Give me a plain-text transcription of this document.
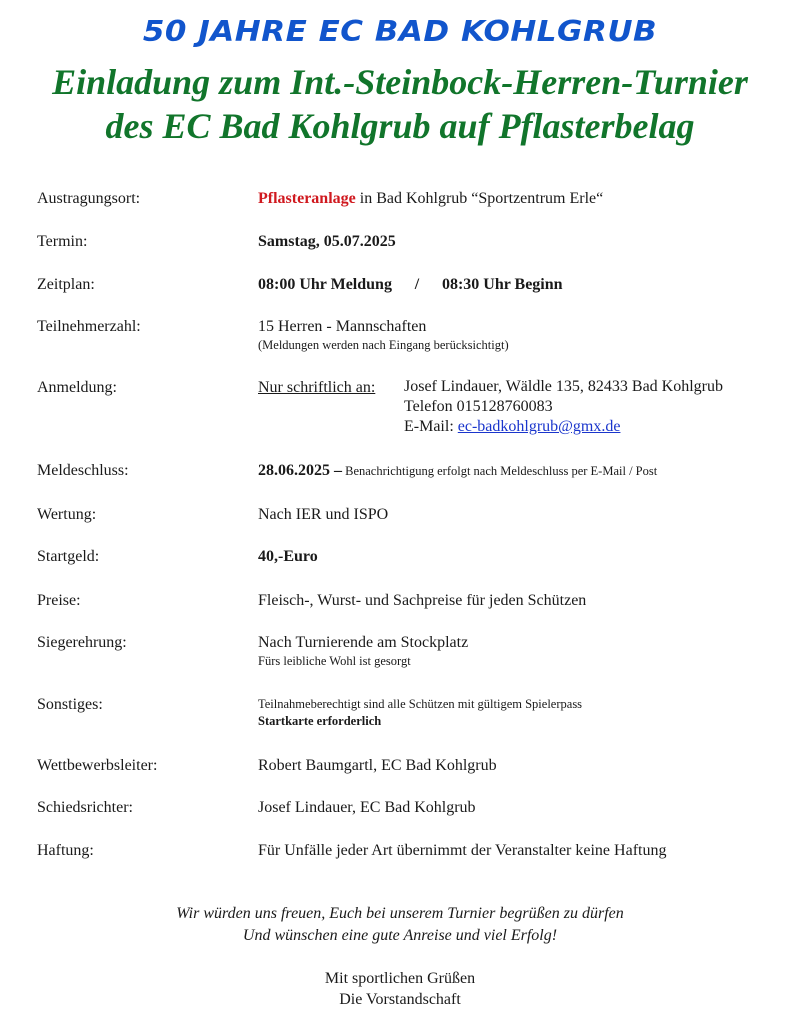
50 JAHRE EC BAD KOHLGRUB
Einladung zum Int.-Steinbock-Herren-Turnier
des EC Bad Kohlgrub auf Pflasterbelag
Austragungsort:	Pflasteranlage in Bad Kohlgrub “Sportzentrum Erle“
Termin:	Samstag, 05.07.2025
Zeitplan:	08:00 Uhr Meldung / 08:30 Uhr Beginn
Teilnehmerzahl:	15 Herren - Mannschaften
(Meldungen werden nach Eingang berücksichtigt)
Anmeldung:	Nur schriftlich an: Josef Lindauer, Wäldle 135, 82433 Bad Kohlgrub
Telefon 015128760083
E-Mail: ec-badkohlgrub@gmx.de
Meldeschluss:	28.06.2025 – Benachrichtigung erfolgt nach Meldeschluss per E-Mail / Post
Wertung:	Nach IER und ISPO
Startgeld:	40,-Euro
Preise:	Fleisch-, Wurst- und Sachpreise für jeden Schützen
Siegerehrung:	Nach Turnierende am Stockplatz
Fürs leibliche Wohl ist gesorgt
Sonstiges:	Teilnahmeberechtigt sind alle Schützen mit gültigem Spielerpass
Startkarte erforderlich
Wettbewerbsleiter:	Robert Baumgartl, EC Bad Kohlgrub
Schiedsrichter:	Josef Lindauer, EC Bad Kohlgrub
Haftung:	Für Unfälle jeder Art übernimmt der Veranstalter keine Haftung
Wir würden uns freuen, Euch bei unserem Turnier begrüßen zu dürfen
Und wünschen eine gute Anreise und viel Erfolg!
Mit sportlichen Grüßen
Die Vorstandschaft
